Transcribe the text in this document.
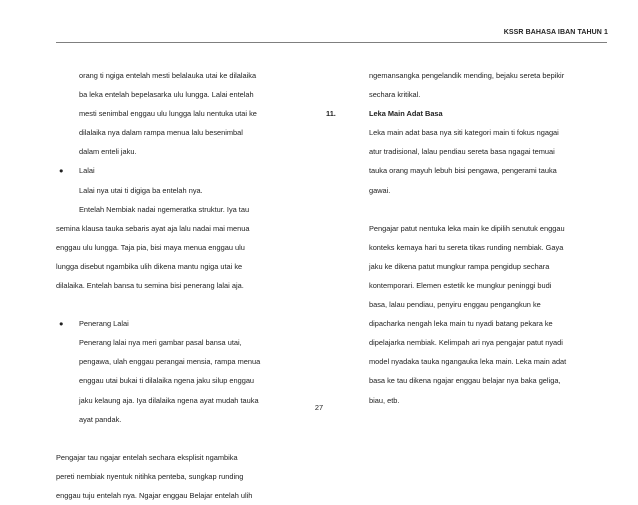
KSSR BAHASA IBAN TAHUN 1
orang ti ngiga entelah mesti belalauka utai ke dilalaika
ba leka entelah bepelasarka ulu lungga. Lalai entelah
mesti senimbal enggau ulu lungga lalu nentuka utai ke
dilalaika nya dalam rampa menua lalu besenimbal
dalam enteli jaku.
● Lalai
Lalai nya utai ti digiga ba entelah nya.
Entelah Nembiak nadai ngemeratka struktur. Iya tau
semina klausa tauka sebaris ayat aja lalu nadai mai menua
enggau ulu lungga. Taja pia, bisi maya menua enggau ulu
lungga disebut ngambika ulih dikena mantu ngiga utai ke
dilalaika. Entelah bansa tu semina bisi penerang lalai aja.
● Penerang Lalai
Penerang lalai nya meri gambar pasal bansa utai,
pengawa, ulah enggau perangai mensia, rampa menua
enggau utai bukai ti dilalaika ngena jaku silup enggau
jaku kelaung aja. Iya dilalaika ngena ayat mudah tauka
ayat pandak.
Pengajar tau ngajar entelah sechara eksplisit ngambika
pereti nembiak nyentuk nitihka penteba, sungkap runding
enggau tuju entelah nya. Ngajar enggau Belajar entelah ulih
11.
ngemansangka pengelandik mending, bejaku sereta bepikir
sechara kritikal.
Leka Main Adat Basa
Leka main adat basa nya siti kategori main ti fokus ngagai
atur tradisional, lalau pendiau sereta basa ngagai temuai
tauka orang mayuh lebuh bisi pengawa, pengerami tauka
gawai.
Pengajar patut nentuka leka main ke dipilih senutuk enggau
konteks kemaya hari tu sereta tikas runding nembiak. Gaya
jaku ke dikena patut mungkur rampa pengidup sechara
kontemporari. Elemen estetik ke mungkur peninggi budi
basa, lalau pendiau, penyiru enggau pengangkun ke
dipacharka nengah leka main tu nyadi batang pekara ke
dipelajarka nembiak. Kelimpah ari nya pengajar patut nyadi
model nyadaka tauka ngangauka leka main. Leka main adat
basa ke tau dikena ngajar enggau belajar nya baka geliga,
biau, etb.
27
